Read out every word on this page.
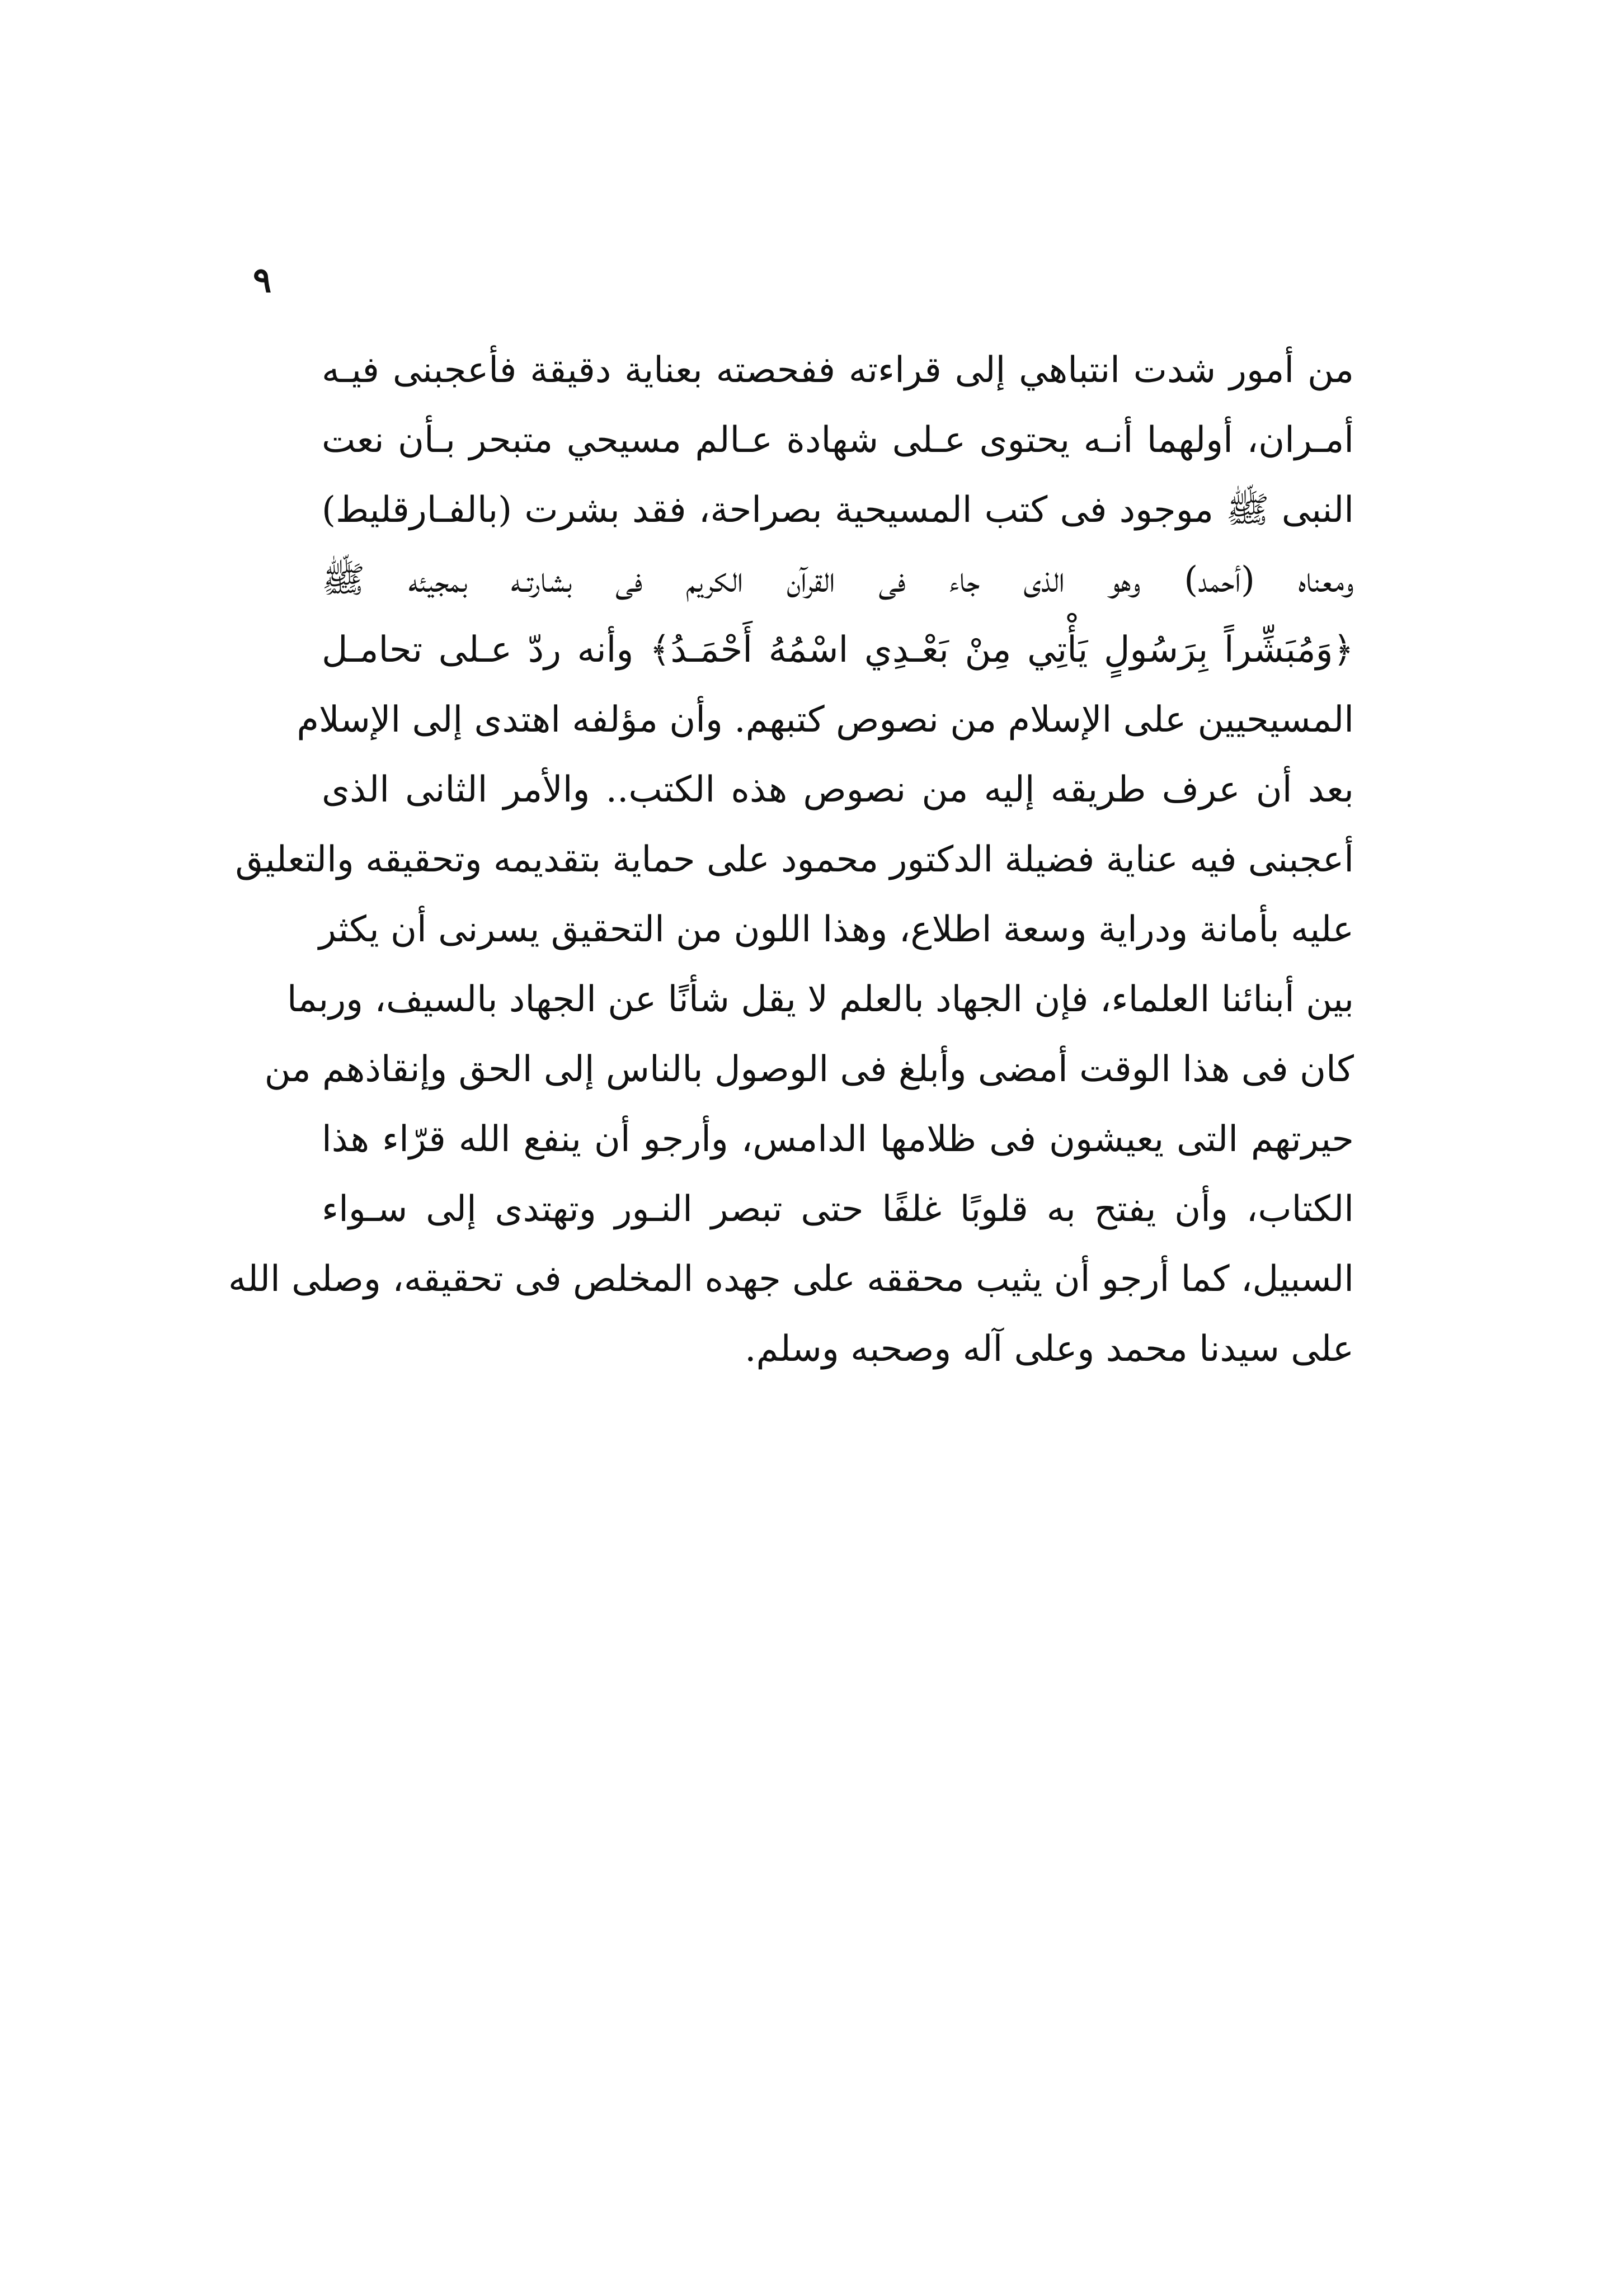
٩
من أمور شدت انتباهي إلى قراءته ففحصته بعناية دقيقة فأعجبنى فيـه
أمـران، أولهما أنـه يحتوى عـلى شهادة عـالم مسيحي متبحر بـأن نعت
النبى ﷺ موجود فى كتب المسيحية بصراحة، فقد بشرت (بالفـارقليط)
ومعناه (أحمد) وهو الذى جاء فى القرآن الكريم فى بشارتـه بمجيئه ﷺ
﴿وَمُبَشِّراً بِرَسُولٍ يَأْتِي مِنْ بَعْـدِي اسْمُهُ أَحْمَـدُ﴾ وأنه ردّ عـلى تحامـل
المسيحيين على الإسلام من نصوص كتبهم. وأن مؤلفه اهتدى إلى الإسلام
بعد أن عرف طريقه إليه من نصوص هذه الكتب.. والأمر الثانى الذى
أعجبنى فيه عناية فضيلة الدكتور محمود على حماية بتقديمه وتحقيقه والتعليق
عليه بأمانة ودراية وسعة اطلاع، وهذا اللون من التحقيق يسرنى أن يكثر
بين أبنائنا العلماء، فإن الجهاد بالعلم لا يقل شأنًا عن الجهاد بالسيف، وربما
كان فى هذا الوقت أمضى وأبلغ فى الوصول بالناس إلى الحق وإنقاذهم من
حيرتهم التى يعيشون فى ظلامها الدامس، وأرجو أن ينفع الله قرّاء هذا
الكتاب، وأن يفتح به قلوبًا غلفًا حتى تبصر النـور وتهتدى إلى سـواء
السبيل، كما أرجو أن يثيب محققه على جهده المخلص فى تحقيقه، وصلى الله
على سيدنا محمد وعلى آله وصحبه وسلم.
